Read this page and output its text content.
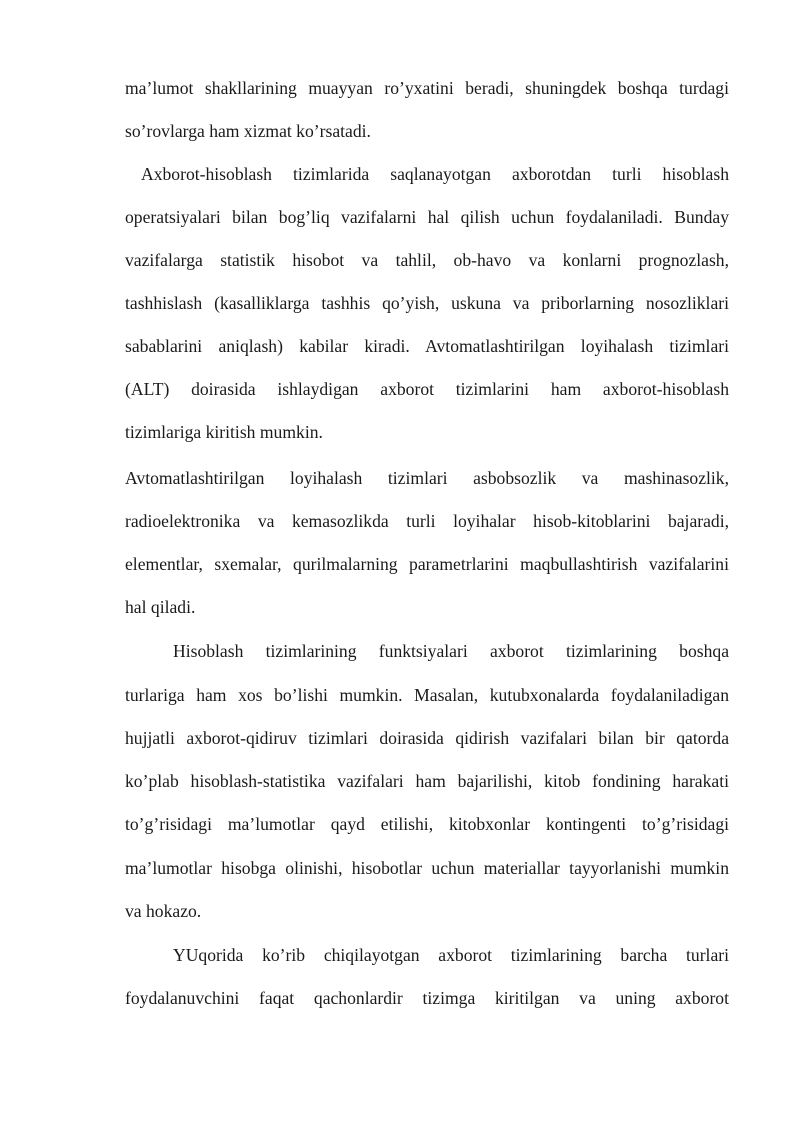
ma’lumot shakllarining muayyan ro’yxatini beradi, shuningdek boshqa turdagi
so’rovlarga ham xizmat ko’rsatadi.
Axborot-hisoblash tizimlarida saqlanayotgan axborotdan turli hisoblash
operatsiyalari bilan bog’liq vazifalarni hal qilish uchun foydalaniladi. Bunday
vazifalarga statistik hisobot va tahlil, ob-havo va konlarni prognozlash,
tashhislash (kasalliklarga tashhis qo’yish, uskuna va priborlarning nosozliklari
sabablarini aniqlash) kabilar kiradi. Avtomatlashtirilgan loyihalash tizimlari
(ALT) doirasida ishlaydigan axborot tizimlarini ham axborot-hisoblash
tizimlariga kiritish mumkin.
Avtomatlashtirilgan loyihalash tizimlari asbobsozlik va mashinasozlik,
radioelektronika va kemasozlikda turli loyihalar hisob-kitoblarini bajaradi,
elementlar, sxemalar, qurilmalarning parametrlarini maqbullashtirish vazifalarini
hal qiladi.
Hisoblash tizimlarining funktsiyalari axborot tizimlarining boshqa
turlariga ham xos bo’lishi mumkin. Masalan, kutubxonalarda foydalaniladigan
hujjatli axborot-qidiruv tizimlari doirasida qidirish vazifalari bilan bir qatorda
ko’plab hisoblash-statistika vazifalari ham bajarilishi, kitob fondining harakati
to’g’risidagi ma’lumotlar qayd etilishi, kitobxonlar kontingenti to’g’risidagi
ma’lumotlar hisobga olinishi, hisobotlar uchun materiallar tayyorlanishi mumkin
va hokazo.
YUqorida ko’rib chiqilayotgan axborot tizimlarining barcha turlari
foydalanuvchini faqat qachonlardir tizimga kiritilgan va uning axborot
